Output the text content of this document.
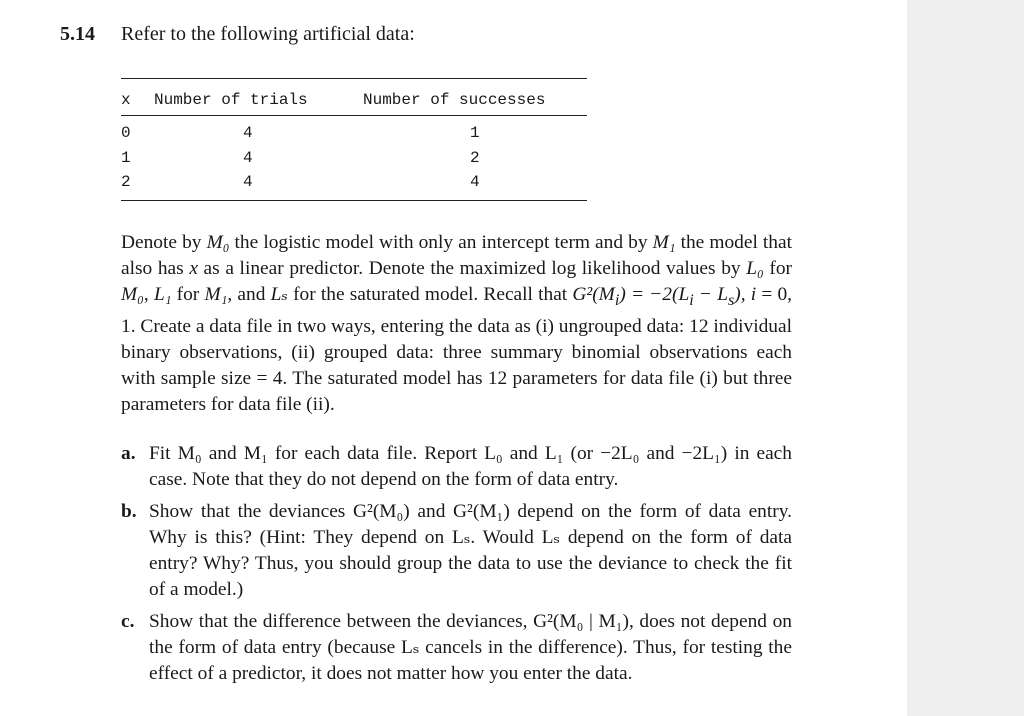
5.14 Refer to the following artificial data:
x Number of trials	Number of successes
0	4	1
1	4	2
2	4	4
Denote by M₀ the logistic model with only an intercept term and by M₁ the model that also has x as a linear predictor. Denote the maximized log likelihood values by L₀ for M₀, L₁ for M₁, and Lₛ for the saturated model. Recall that $G^2(M_i) = -2(L_i - L_s)$, i = 0, 1. Create a data file in two ways, entering the data as (i) ungrouped data: 12 individual binary observations, (ii) grouped data: three summary binomial observations each with sample size = 4. The saturated model has 12 parameters for data file (i) but three parameters for data file (ii).
a. Fit M₀ and M₁ for each data file. Report L₀ and L₁ (or −2L₀ and −2L₁) in each case. Note that they do not depend on the form of data entry.
b. Show that the deviances G²(M₀) and G²(M₁) depend on the form of data entry. Why is this? (Hint: They depend on Lₛ. Would Lₛ depend on the form of data entry? Why? Thus, you should group the data to use the deviance to check the fit of a model.)
c. Show that the difference between the deviances, G²(M₀ | M₁), does not depend on the form of data entry (because Lₛ cancels in the difference). Thus, for testing the effect of a predictor, it does not matter how you enter the data.
